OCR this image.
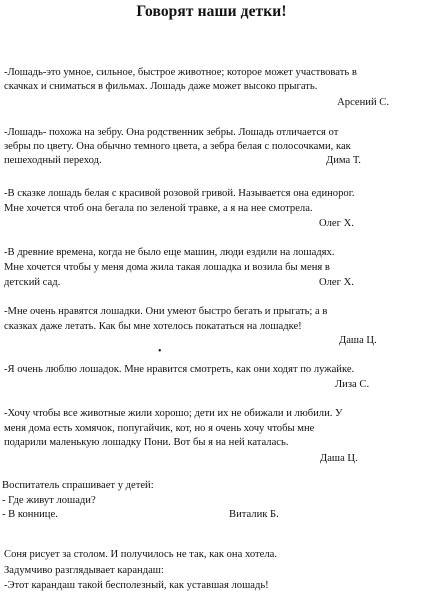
Говорят наши детки!
-Лошадь-это умное, сильное, быстрое животное; которое может участвовать в
скачках и сниматься в фильмах. Лошадь даже может высоко прыгать.
Арсений С.
-Лошадь- похожа на зебру. Она родственник зебры. Лошадь отличается от
зебры по цвету. Она обычно темного цвета, а зебра белая с полосочками, как
пешеходный переход.	Дима Т.
-В сказке лошадь белая с красивой розовой гривой. Называется она единорог.
Мне хочется чтоб она бегала по зеленой травке, а я на нее смотрела.
Олег Х.
-В древние времена, когда не было еще машин, люди ездили на лошадях.
Мне хочется чтобы у меня дома жила такая лошадка и возила бы меня в
детский сад.	Олег Х.
-Мне очень нравятся лошадки. Они умеют быстро бегать и прыгать; а в
сказках даже летать. Как бы мне хотелось покататься на лошадке!
Даша Ц.
•
-Я очень люблю лошадок. Мне нравится смотреть, как они ходят по лужайке.
Лиза С.
-Хочу чтобы все животные жили хорошо; дети их не обижали и любили. У
меня дома есть хомячок, попугайчик, кот, но я очень хочу чтобы мне
подарили маленькую лошадку Пони. Вот бы я на ней каталась.
Даша Ц.
Воспитатель спрашивает у детей:
- Где живут лошади?
- В коннице.	Виталик Б.
Соня рисует за столом. И получилось не так, как она хотела.
Задумчиво разглядывает карандаш:
-Этот карандаш такой бесполезный, как уставшая лошадь!
